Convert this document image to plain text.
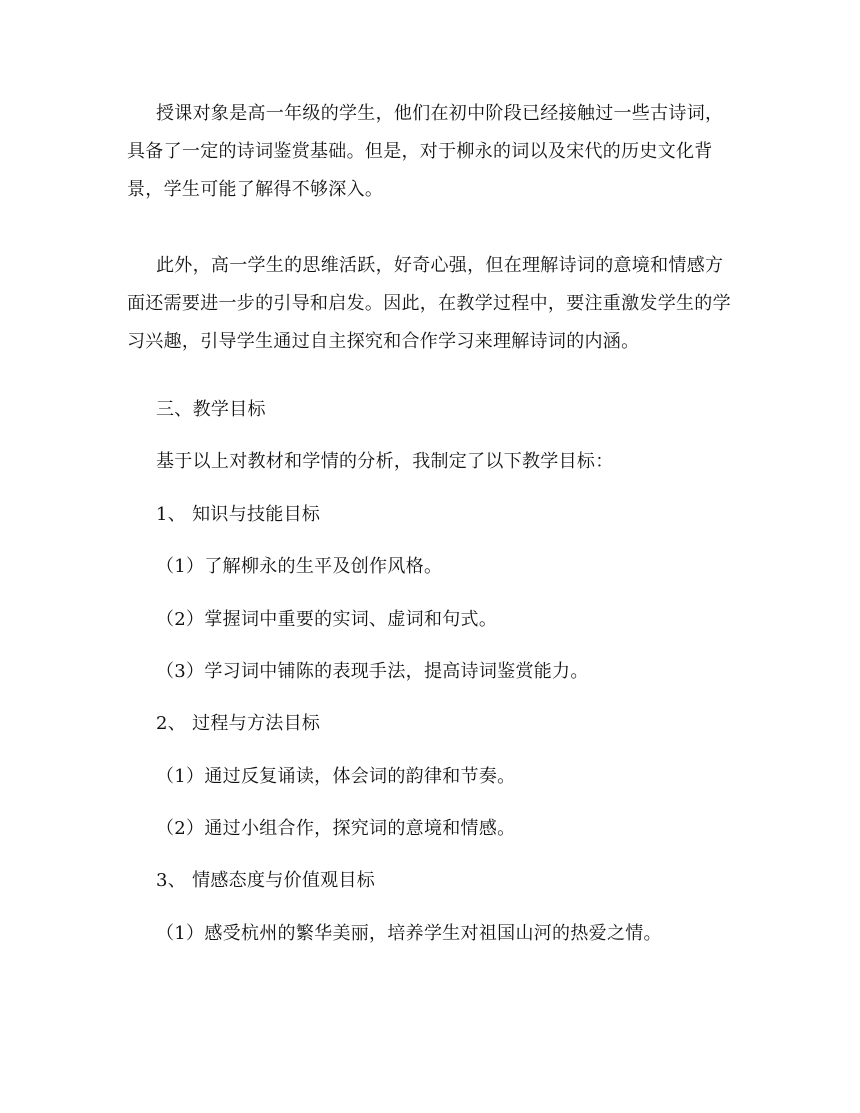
授课对象是高一年级的学生，他们在初中阶段已经接触过一些古诗词，具备了一定的诗词鉴赏基础。但是，对于柳永的词以及宋代的历史文化背景，学生可能了解得不够深入。

此外，高一学生的思维活跃，好奇心强，但在理解诗词的意境和情感方面还需要进一步的引导和启发。因此，在教学过程中，要注重激发学生的学习兴趣，引导学生通过自主探究和合作学习来理解诗词的内涵。

三、教学目标

基于以上对教材和学情的分析，我制定了以下教学目标：

1、 知识与技能目标

（1）了解柳永的生平及创作风格。

（2）掌握词中重要的实词、虚词和句式。

（3）学习词中铺陈的表现手法，提高诗词鉴赏能力。

2、 过程与方法目标

（1）通过反复诵读，体会词的韵律和节奏。

（2）通过小组合作，探究词的意境和情感。

3、 情感态度与价值观目标

（1）感受杭州的繁华美丽，培养学生对祖国山河的热爱之情。
